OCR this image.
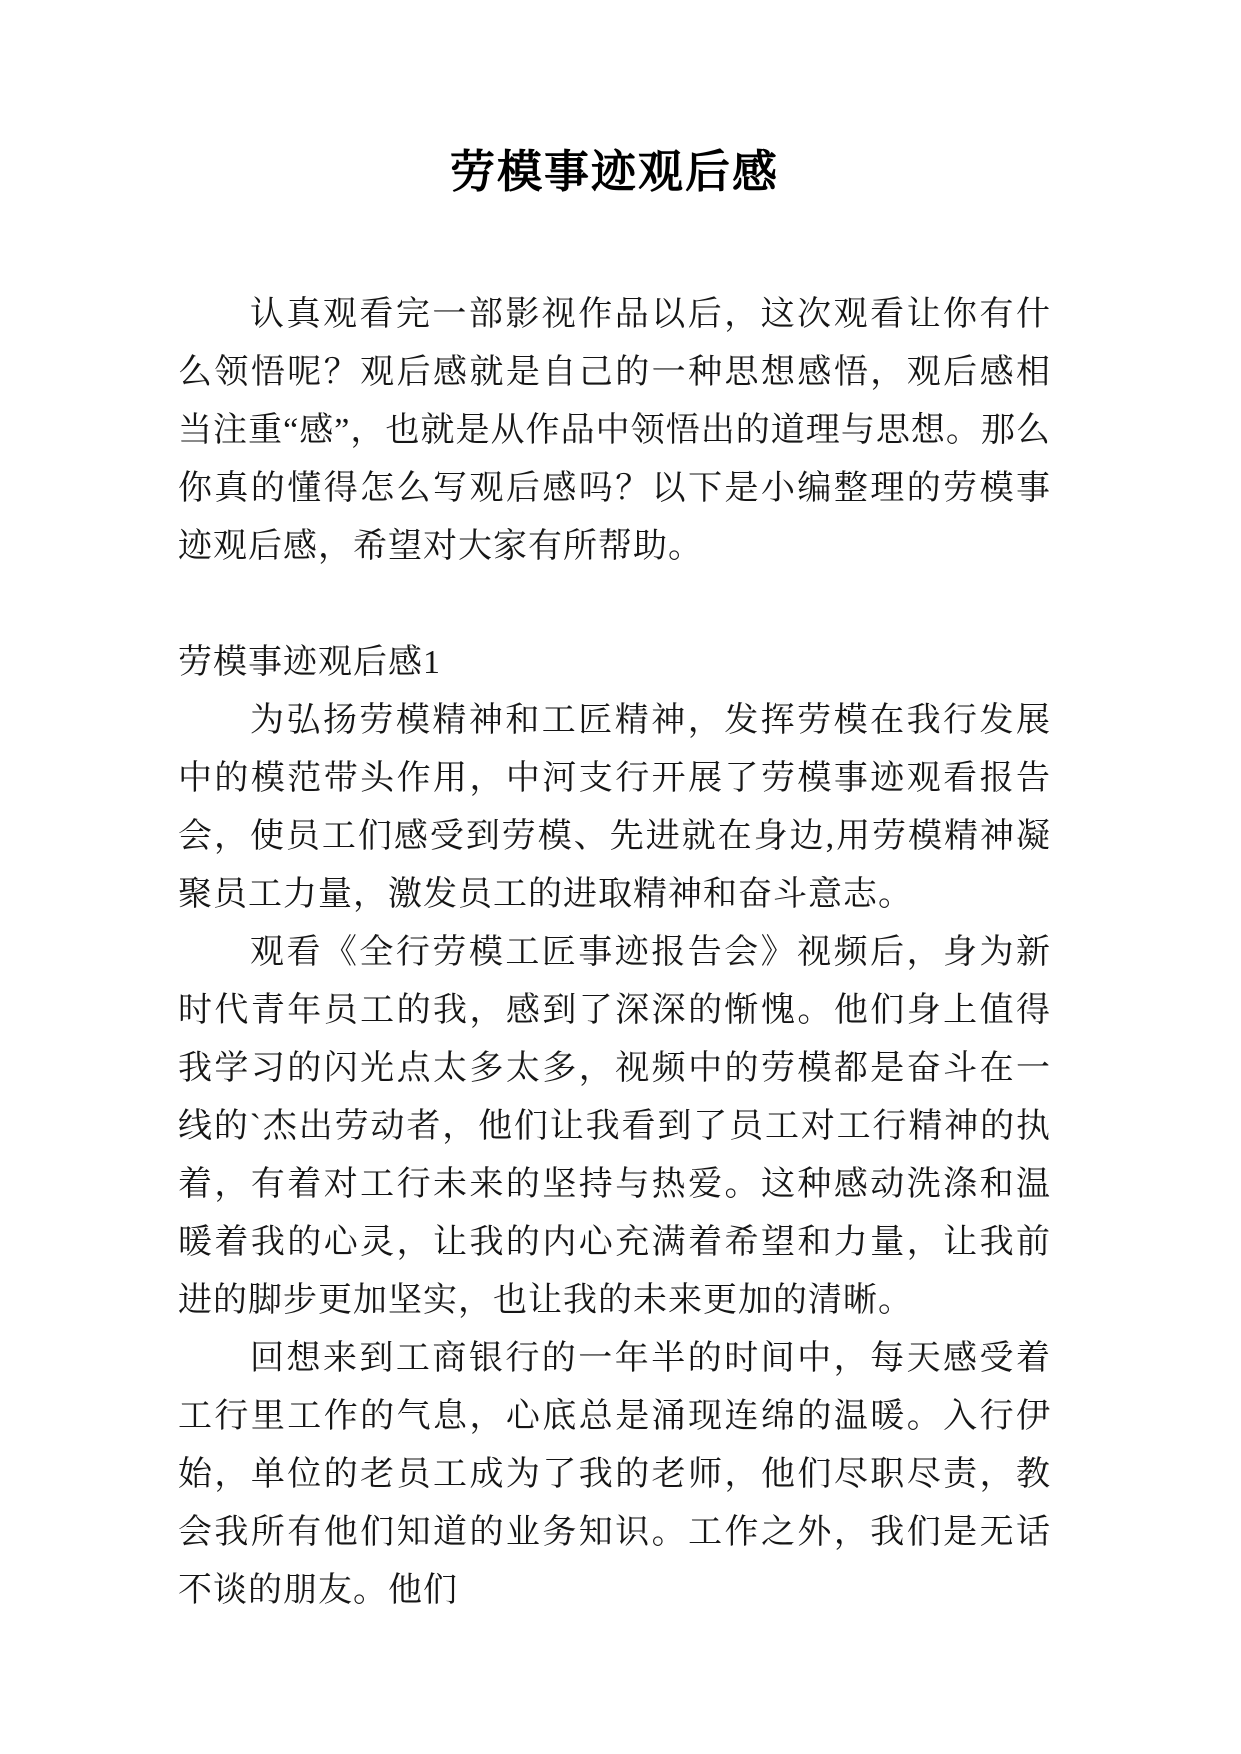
劳模事迹观后感

认真观看完一部影视作品以后，这次观看让你有什么领悟呢？观后感就是自己的一种思想感悟，观后感相当注重“感”，也就是从作品中领悟出的道理与思想。那么你真的懂得怎么写观后感吗？以下是小编整理的劳模事迹观后感，希望对大家有所帮助。

劳模事迹观后感1

为弘扬劳模精神和工匠精神，发挥劳模在我行发展中的模范带头作用，中河支行开展了劳模事迹观看报告会，使员工们感受到劳模、先进就在身边,用劳模精神凝聚员工力量，激发员工的进取精神和奋斗意志。

观看《全行劳模工匠事迹报告会》视频后，身为新时代青年员工的我，感到了深深的惭愧。他们身上值得我学习的闪光点太多太多，视频中的劳模都是奋斗在一线的`杰出劳动者，他们让我看到了员工对工行精神的执着，有着对工行未来的坚持与热爱。这种感动洗涤和温暖着我的心灵，让我的内心充满着希望和力量，让我前进的脚步更加坚实，也让我的未来更加的清晰。

回想来到工商银行的一年半的时间中，每天感受着工行里工作的气息，心底总是涌现连绵的温暖。入行伊始，单位的老员工成为了我的老师，他们尽职尽责，教会我所有他们知道的业务知识。工作之外，我们是无话不谈的朋友。他们
